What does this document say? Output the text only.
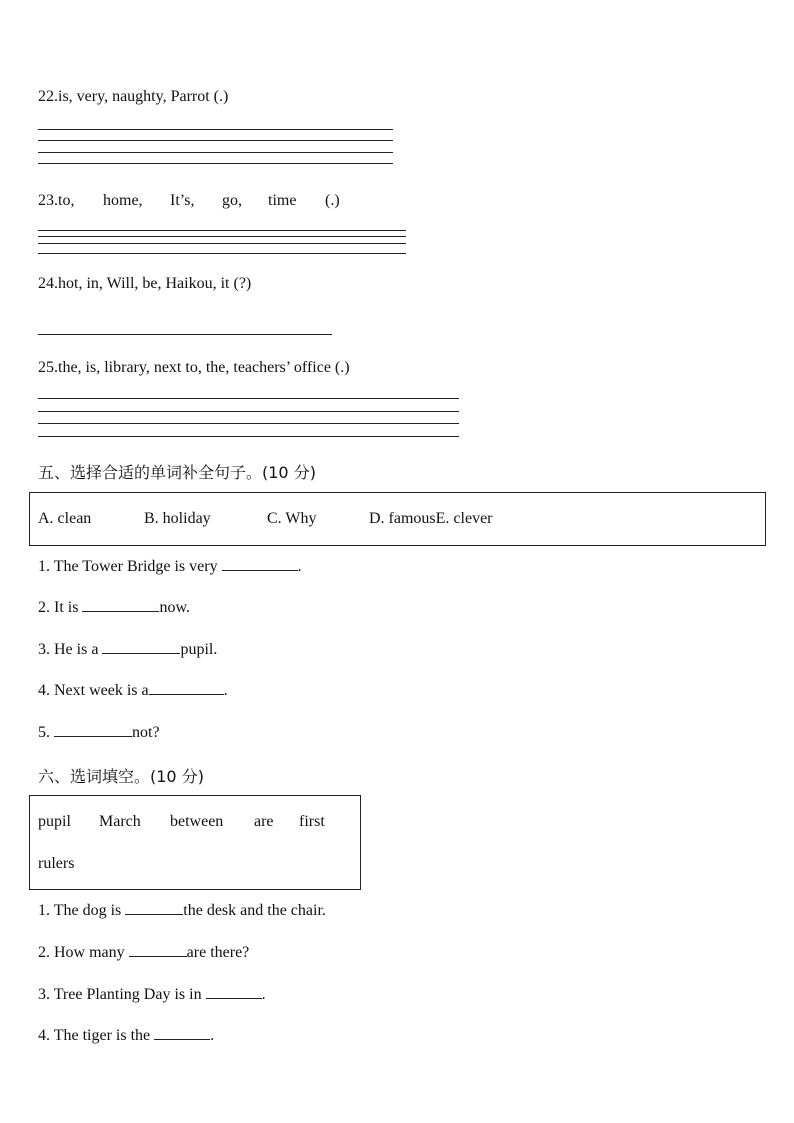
22.is, very, naughty, Parrot (.)
23.to, home, It’s, go, time (.)
24.hot, in, Will, be, Haikou, it (?)
25.the, is, library, next to, the, teachers’ office (.)
五、选择合适的单词补全句子。(10 分)
A. clean	B. holiday	C. Why	D. famousE. clever
1. The Tower Bridge is very	.
2. It is	now.
3. He is a	pupil.
4. Next week is a	.
5.	not?
六、选词填空。(10 分)
pupil March between are first
rulers
1. The dog is	the desk and the chair.
2. How many	are there?
3. Tree Planting Day is in	.
4. The tiger is the	.
